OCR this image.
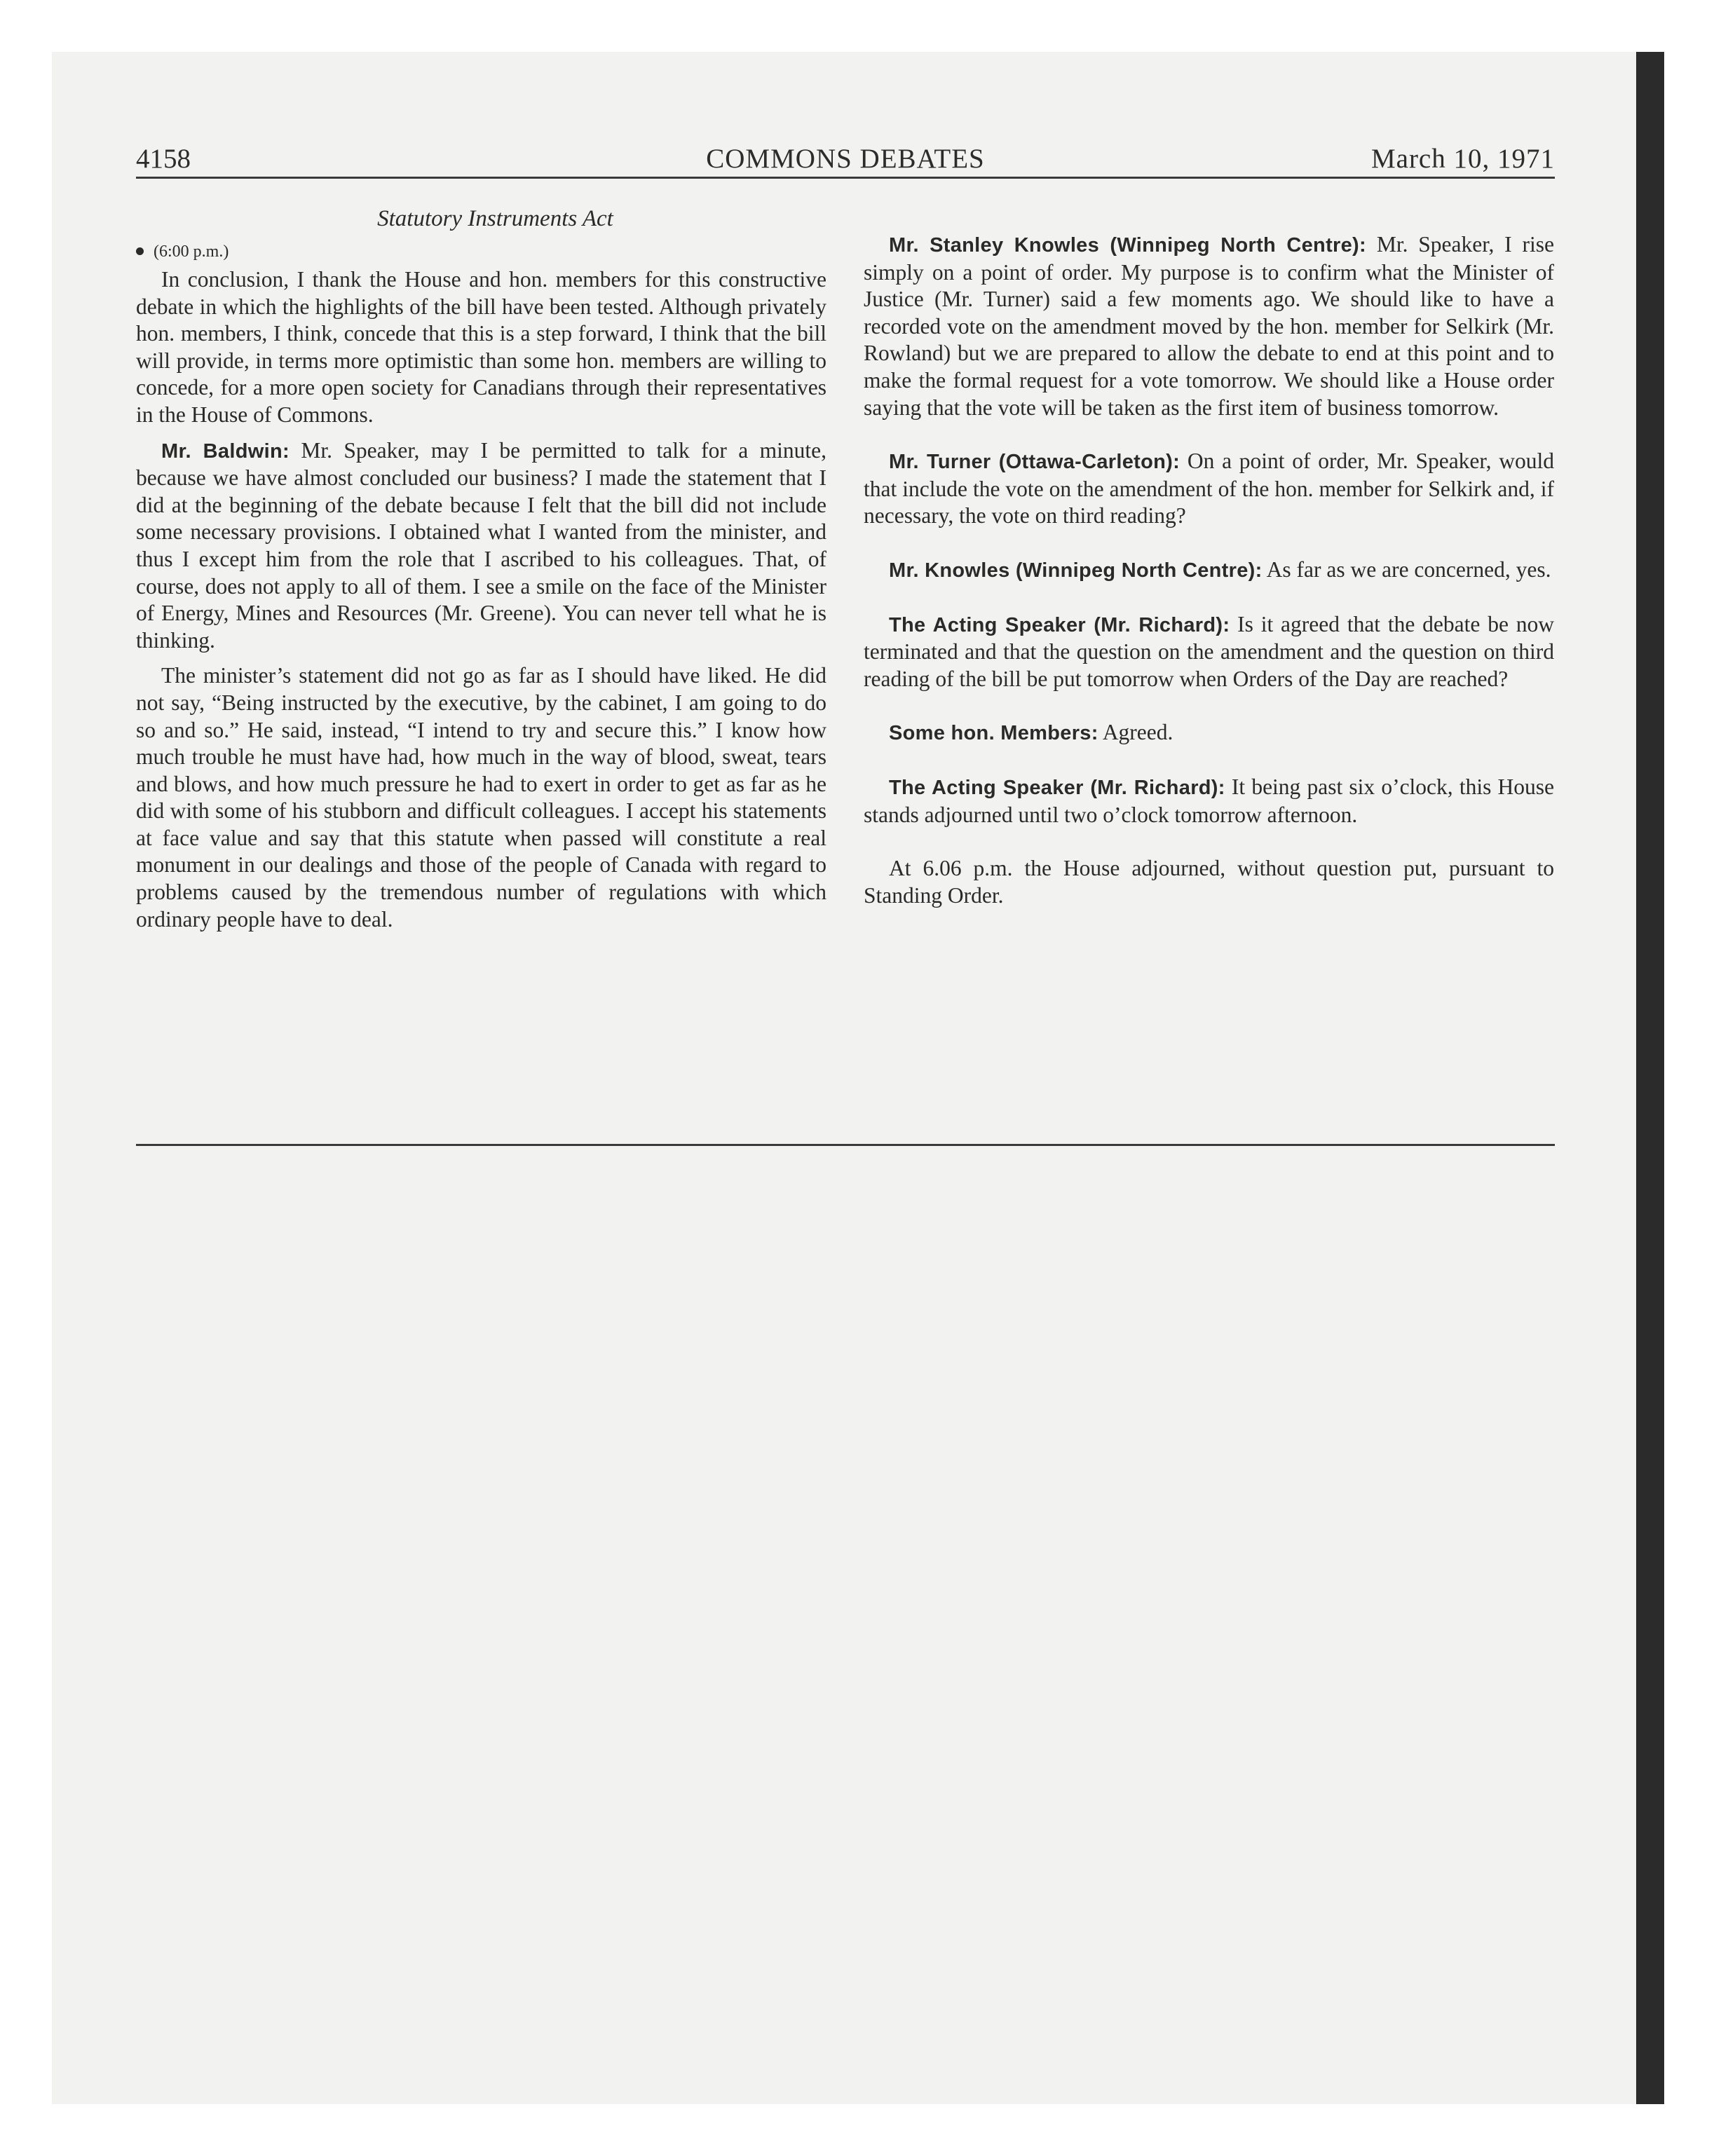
4158	COMMONS DEBATES	March 10, 1971
Statutory Instruments Act
(6:00 p.m.)

In conclusion, I thank the House and hon. members for this constructive debate in which the highlights of the bill have been tested. Although privately hon. members, I think, concede that this is a step forward, I think that the bill will provide, in terms more optimistic than some hon. members are willing to concede, for a more open society for Canadians through their representatives in the House of Commons.

Mr. Baldwin: Mr. Speaker, may I be permitted to talk for a minute, because we have almost concluded our business? I made the statement that I did at the beginning of the debate because I felt that the bill did not include some necessary provisions. I obtained what I wanted from the minister, and thus I except him from the role that I ascribed to his colleagues. That, of course, does not apply to all of them. I see a smile on the face of the Minister of Energy, Mines and Resources (Mr. Greene). You can never tell what he is thinking.

The minister’s statement did not go as far as I should have liked. He did not say, “Being instructed by the executive, by the cabinet, I am going to do so and so.” He said, instead, “I intend to try and secure this.” I know how much trouble he must have had, how much in the way of blood, sweat, tears and blows, and how much pressure he had to exert in order to get as far as he did with some of his stubborn and difficult colleagues. I accept his statements at face value and say that this statute when passed will constitute a real monument in our dealings and those of the people of Canada with regard to problems caused by the tremendous number of regulations with which ordinary people have to deal.

Mr. Stanley Knowles (Winnipeg North Centre): Mr. Speaker, I rise simply on a point of order. My purpose is to confirm what the Minister of Justice (Mr. Turner) said a few moments ago. We should like to have a recorded vote on the amendment moved by the hon. member for Selkirk (Mr. Rowland) but we are prepared to allow the debate to end at this point and to make the formal request for a vote tomorrow. We should like a House order saying that the vote will be taken as the first item of business tomorrow.

Mr. Turner (Ottawa-Carleton): On a point of order, Mr. Speaker, would that include the vote on the amendment of the hon. member for Selkirk and, if necessary, the vote on third reading?

Mr. Knowles (Winnipeg North Centre): As far as we are concerned, yes.

The Acting Speaker (Mr. Richard): Is it agreed that the debate be now terminated and that the question on the amendment and the question on third reading of the bill be put tomorrow when Orders of the Day are reached?

Some hon. Members: Agreed.

The Acting Speaker (Mr. Richard): It being past six o’clock, this House stands adjourned until two o’clock tomorrow afternoon.

At 6.06 p.m. the House adjourned, without question put, pursuant to Standing Order.
